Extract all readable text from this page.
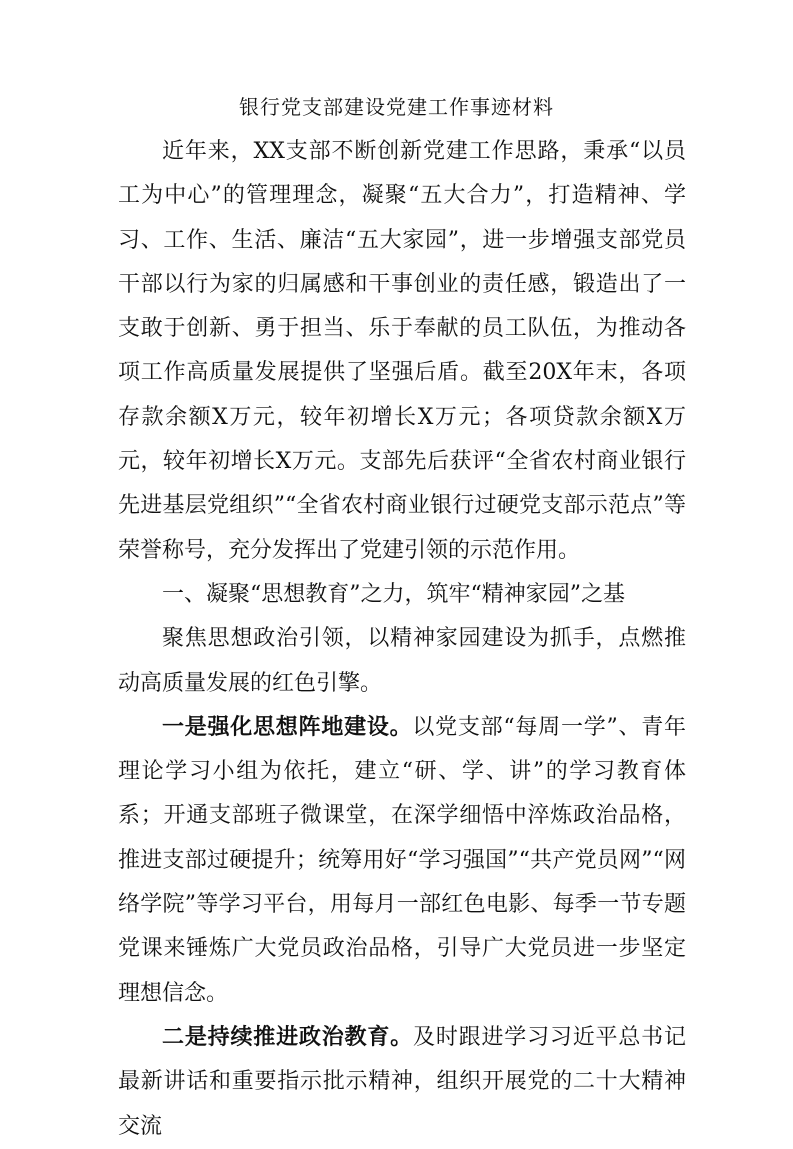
银行党支部建设党建工作事迹材料

近年来，XX支部不断创新党建工作思路，秉承“以员工为中心”的管理理念，凝聚“五大合力”，打造精神、学习、工作、生活、廉洁“五大家园”，进一步增强支部党员干部以行为家的归属感和干事创业的责任感，锻造出了一支敢于创新、勇于担当、乐于奉献的员工队伍，为推动各项工作高质量发展提供了坚强后盾。截至20X年末，各项存款余额X万元，较年初增长X万元；各项贷款余额X万元，较年初增长X万元。支部先后获评“全省农村商业银行先进基层党组织”“全省农村商业银行过硬党支部示范点”等荣誉称号，充分发挥出了党建引领的示范作用。

一、凝聚“思想教育”之力，筑牢“精神家园”之基

聚焦思想政治引领，以精神家园建设为抓手，点燃推动高质量发展的红色引擎。

一是强化思想阵地建设。以党支部“每周一学”、青年理论学习小组为依托，建立“研、学、讲”的学习教育体系；开通支部班子微课堂，在深学细悟中淬炼政治品格，推进支部过硬提升；统筹用好“学习强国”“共产党员网”“网络学院”等学习平台，用每月一部红色电影、每季一节专题党课来锤炼广大党员政治品格，引导广大党员进一步坚定理想信念。

二是持续推进政治教育。及时跟进学习习近平总书记最新讲话和重要指示批示精神，组织开展党的二十大精神交流
